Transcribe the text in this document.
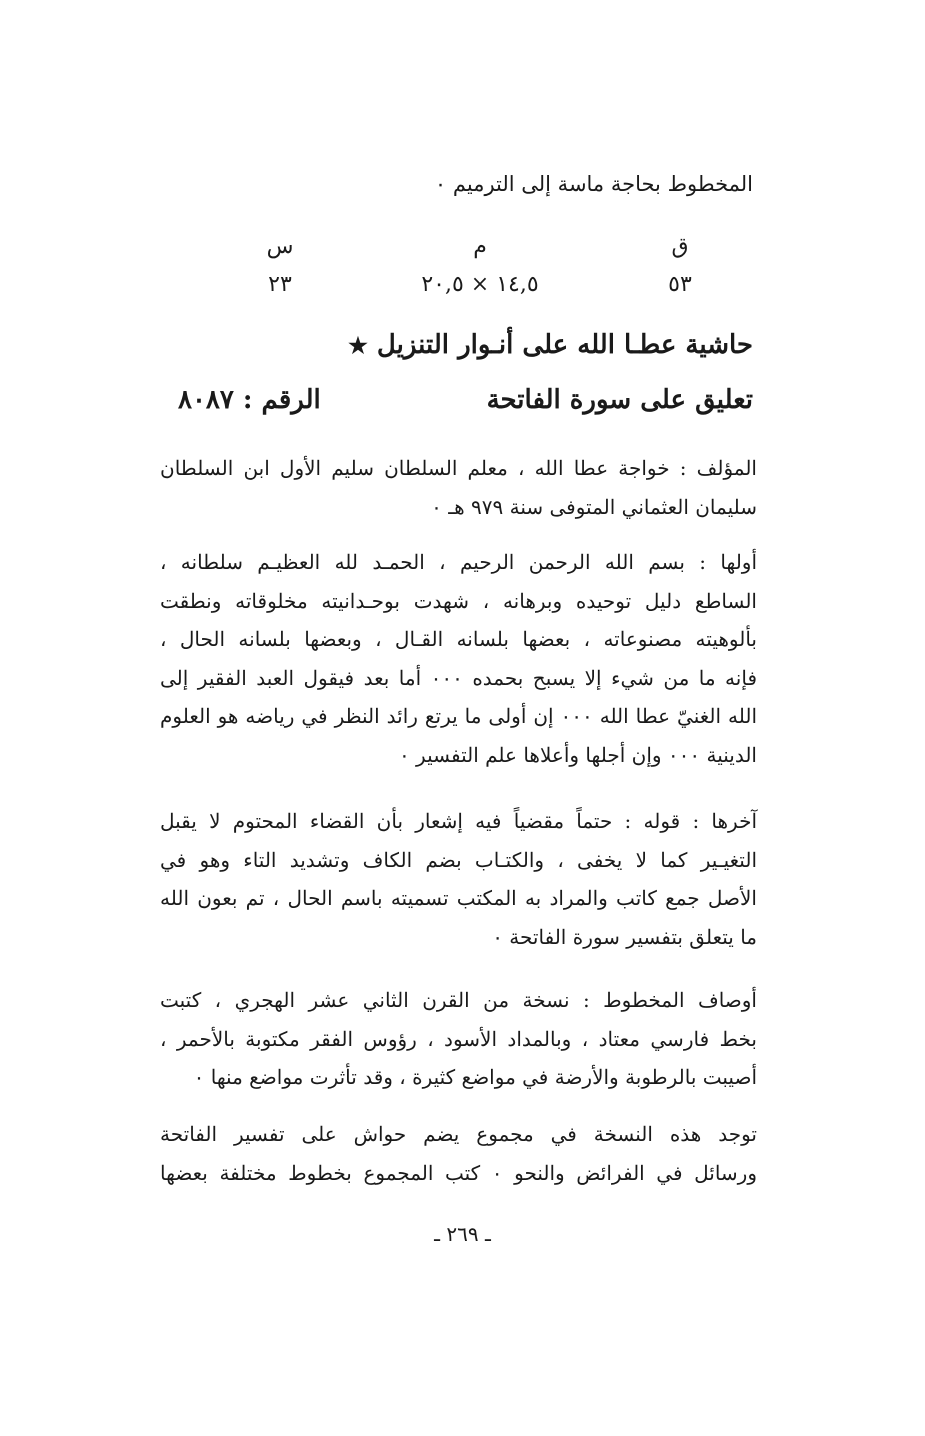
المخطوط بحاجة ماسة إلى الترميم ٠
س
٢٣
م
١٤,٥ × ٢٠,٥
ق
٥٣
حاشية عطـا الله على أنـوار التنزيل ★
تعليق على سورة الفاتحة
الرقم : ٨٠٨٧
المؤلف : خواجة عطا الله ، معلم السلطان سليم الأول ابن السلطان
سليمان العثماني المتوفى سنة ٩٧٩ هـ ٠
أولها : بسم الله الرحمن الرحيم ، الحمـد لله العظيـم سلطانه ،
الساطع دليل توحيده وبرهانه ، شهدت بوحـدانيته مخلوقاته ونطقت
بألوهيته مصنوعاته ، بعضها بلسانه القـال ، وبعضها بلسانه الحال ،
فإنه ما من شيء إلا يسبح بحمده ٠٠٠ أما بعد فيقول العبد الفقير إلى
الله الغنيّ عطا الله ٠٠٠ إن أولى ما يرتع رائد النظر في رياضه هو العلوم
الدينية ٠٠٠ وإن أجلها وأعلاها علم التفسير ٠
آخرها : قوله : حتماً مقضياً فيه إشعار بأن القضاء المحتوم لا يقبل
التغيـير كما لا يخفى ، والكتـاب بضم الكاف وتشديد التاء وهو في
الأصل جمع كاتب والمراد به المكتب تسميته باسم الحال ، تم بعون الله
ما يتعلق بتفسير سورة الفاتحة ٠
أوصاف المخطوط : نسخة من القرن الثاني عشر الهجري ، كتبت
بخط فارسي معتاد ، وبالمداد الأسود ، رؤوس الفقر مكتوبة بالأحمر ،
أصيبت بالرطوبة والأرضة في مواضع كثيرة ، وقد تأثرت مواضع منها ٠
توجد هذه النسخة في مجموع يضم حواش على تفسير الفاتحة
ورسائل في الفرائض والنحو ٠ كتب المجموع بخطوط مختلفة بعضها
ـ ٢٦٩ ـ
